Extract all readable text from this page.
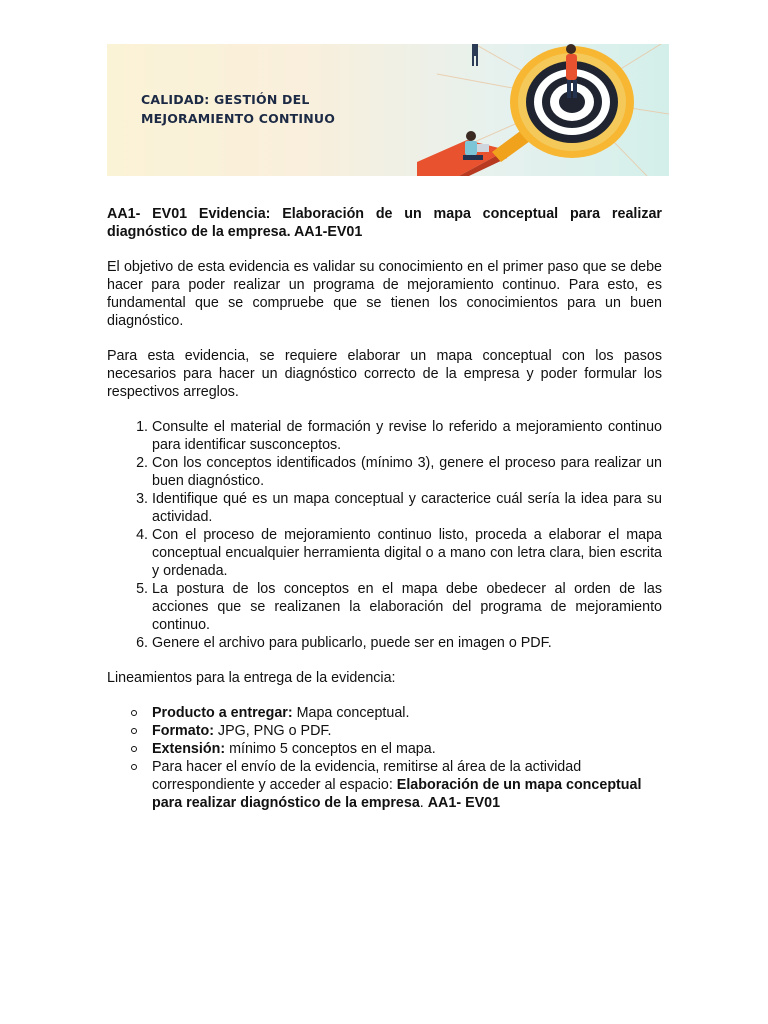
CALIDAD: GESTIÓN DEL
MEJORAMIENTO CONTINUO

AA1- EV01 Evidencia: Elaboración de un mapa conceptual para realizar diagnóstico de la empresa. AA1-EV01

El objetivo de esta evidencia es validar su conocimiento en el primer paso que se debe hacer para poder realizar un programa de mejoramiento continuo. Para esto, es fundamental que se compruebe que se tienen los conocimientos para un buen diagnóstico.

Para esta evidencia, se requiere elaborar un mapa conceptual con los pasos necesarios para hacer un diagnóstico correcto de la empresa y poder formular los respectivos arreglos.

1. Consulte el material de formación y revise lo referido a mejoramiento continuo para identificar susconceptos.
2. Con los conceptos identificados (mínimo 3), genere el proceso para realizar un buen diagnóstico.
3. Identifique qué es un mapa conceptual y caracterice cuál sería la idea para su actividad.
4. Con el proceso de mejoramiento continuo listo, proceda a elaborar el mapa conceptual encualquier herramienta digital o a mano con letra clara, bien escrita y ordenada.
5. La postura de los conceptos en el mapa debe obedecer al orden de las acciones que se realizanen la elaboración del programa de mejoramiento continuo.
6. Genere el archivo para publicarlo, puede ser en imagen o PDF.

Lineamientos para la entrega de la evidencia:

Producto a entregar: Mapa conceptual.
Formato: JPG, PNG o PDF.
Extensión: mínimo 5 conceptos en el mapa.
Para hacer el envío de la evidencia, remitirse al área de la actividad correspondiente y acceder al espacio: Elaboración de un mapa conceptual para realizar diagnóstico de la empresa. AA1- EV01
